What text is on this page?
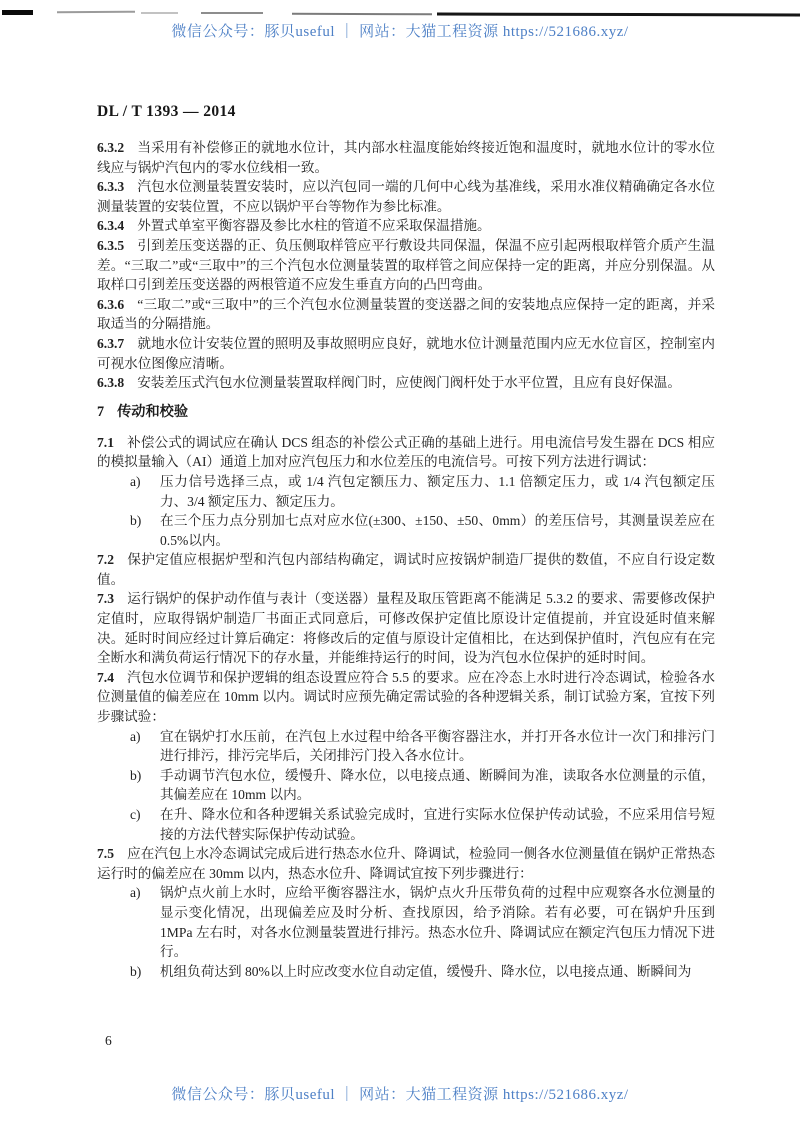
微信公众号：豚贝useful ｜ 网站：大猫工程资源 https://521686.xyz/
DL / T 1393 — 2014

6.3.2 当采用有补偿修正的就地水位计，其内部水柱温度能始终接近饱和温度时，就地水位计的零水位线应与锅炉汽包内的零水位线相一致。

6.3.3 汽包水位测量装置安装时，应以汽包同一端的几何中心线为基准线，采用水准仪精确确定各水位测量装置的安装位置，不应以锅炉平台等物作为参比标准。

6.3.4 外置式单室平衡容器及参比水柱的管道不应采取保温措施。

6.3.5 引到差压变送器的正、负压侧取样管应平行敷设共同保温，保温不应引起两根取样管介质产生温差。“三取二”或“三取中”的三个汽包水位测量装置的取样管之间应保持一定的距离，并应分别保温。从取样口引到差压变送器的两根管道不应发生垂直方向的凸凹弯曲。

6.3.6 “三取二”或“三取中”的三个汽包水位测量装置的变送器之间的安装地点应保持一定的距离，并采取适当的分隔措施。

6.3.7 就地水位计安装位置的照明及事故照明应良好，就地水位计测量范围内应无水位盲区，控制室内可视水位图像应清晰。

6.3.8 安装差压式汽包水位测量装置取样阀门时，应使阀门阀杆处于水平位置，且应有良好保温。

7 传动和校验

7.1 补偿公式的调试应在确认 DCS 组态的补偿公式正确的基础上进行。用电流信号发生器在 DCS 相应的模拟量输入（AI）通道上加对应汽包压力和水位差压的电流信号。可按下列方法进行调试：

a) 压力信号选择三点，或 1/4 汽包定额压力、额定压力、1.1 倍额定压力，或 1/4 汽包额定压力、3/4 额定压力、额定压力。
b) 在三个压力点分别加七点对应水位(±300、±150、±50、0mm）的差压信号，其测量误差应在 0.5%以内。

7.2 保护定值应根据炉型和汽包内部结构确定，调试时应按锅炉制造厂提供的数值，不应自行设定数值。

7.3 运行锅炉的保护动作值与表计（变送器）量程及取压管距离不能满足 5.3.2 的要求、需要修改保护定值时，应取得锅炉制造厂书面正式同意后，可修改保护定值比原设计定值提前，并宜设延时值来解决。延时时间应经过计算后确定：将修改后的定值与原设计定值相比，在达到保护值时，汽包应有在完全断水和满负荷运行情况下的存水量，并能维持运行的时间，设为汽包水位保护的延时时间。

7.4 汽包水位调节和保护逻辑的组态设置应符合 5.5 的要求。应在冷态上水时进行冷态调试，检验各水位测量值的偏差应在 10mm 以内。调试时应预先确定需试验的各种逻辑关系，制订试验方案，宜按下列步骤试验：

a) 宜在锅炉打水压前，在汽包上水过程中给各平衡容器注水，并打开各水位计一次门和排污门进行排污，排污完毕后，关闭排污门投入各水位计。
b) 手动调节汽包水位，缓慢升、降水位，以电接点通、断瞬间为准，读取各水位测量的示值，其偏差应在 10mm 以内。
c) 在升、降水位和各种逻辑关系试验完成时，宜进行实际水位保护传动试验，不应采用信号短接的方法代替实际保护传动试验。

7.5 应在汽包上水冷态调试完成后进行热态水位升、降调试，检验同一侧各水位测量值在锅炉正常热态运行时的偏差应在 30mm 以内，热态水位升、降调试宜按下列步骤进行：

a) 锅炉点火前上水时，应给平衡容器注水，锅炉点火升压带负荷的过程中应观察各水位测量的显示变化情况，出现偏差应及时分析、查找原因，给予消除。若有必要，可在锅炉升压到 1MPa 左右时，对各水位测量装置进行排污。热态水位升、降调试应在额定汽包压力情况下进行。
b) 机组负荷达到 80%以上时应改变水位自动定值，缓慢升、降水位，以电接点通、断瞬间为
6
微信公众号：豚贝useful ｜ 网站：大猫工程资源 https://521686.xyz/
